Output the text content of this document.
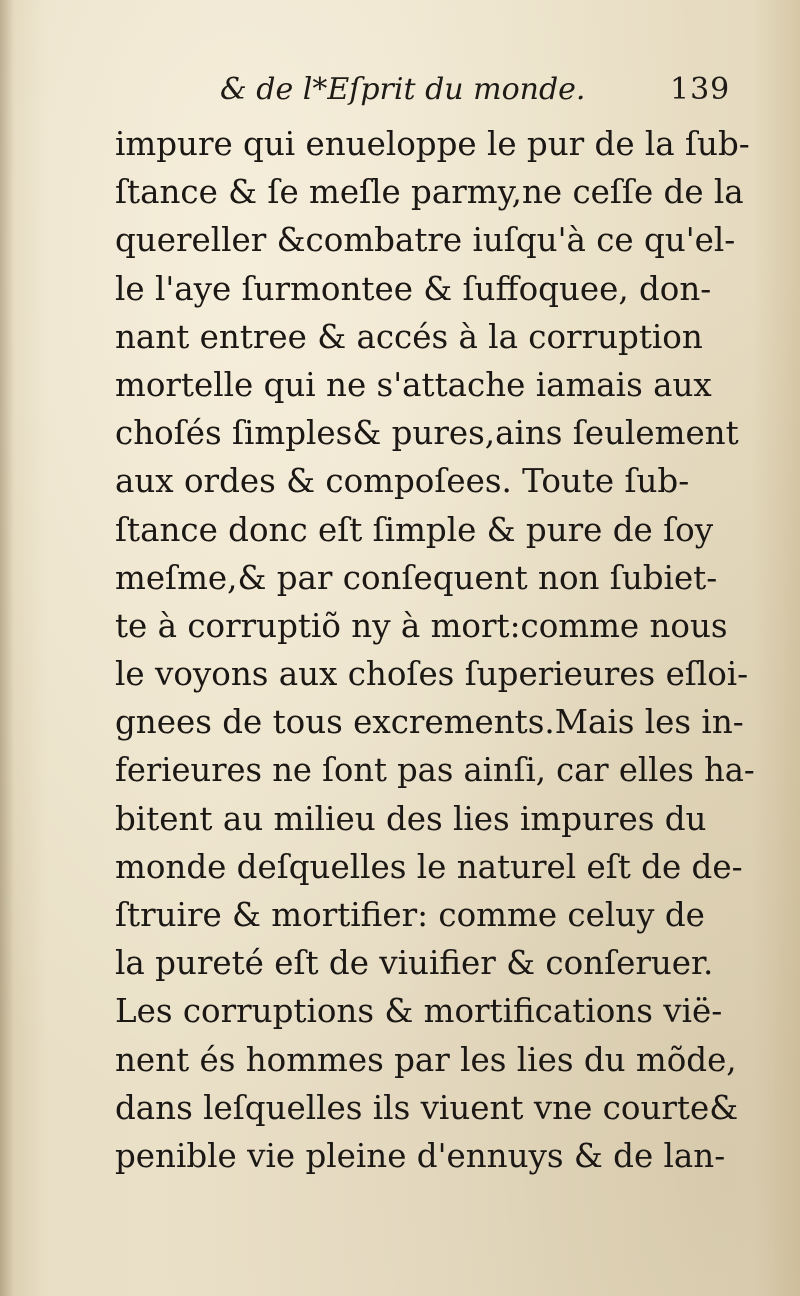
& de l*Eſprit du monde.	139
impure qui enueloppe le pur de la ſub-
ſtance & ſe meſle parmy,ne ceſſe de la
quereller &combatre iuſqu'à ce qu'el-
le l'aye ſurmontee & ſuffoquee, don-
nant entree & accés à la corruption
mortelle qui ne s'attache iamais aux
choſés ſimples& pures,ains ſeulement
aux ordes & compoſees. Toute ſub-
ſtance donc eſt ſimple & pure de ſoy
meſme,& par conſequent non ſubiet-
te à corruptiõ ny à mort:comme nous
le voyons aux choſes ſuperieures eſloi-
gnees de tous excrements.Mais les in-
ferieures ne ſont pas ainſi, car elles ha-
bitent au milieu des lies impures du
monde deſquelles le naturel eſt de de-
ſtruire & mortifier: comme celuy de
la pureté eſt de viuifier & conſeruer.
Les corruptions & mortifications vië-
nent és hommes par les lies du mõde,
dans leſquelles ils viuent vne courte&
penible vie pleine d'ennuys & de lan-
